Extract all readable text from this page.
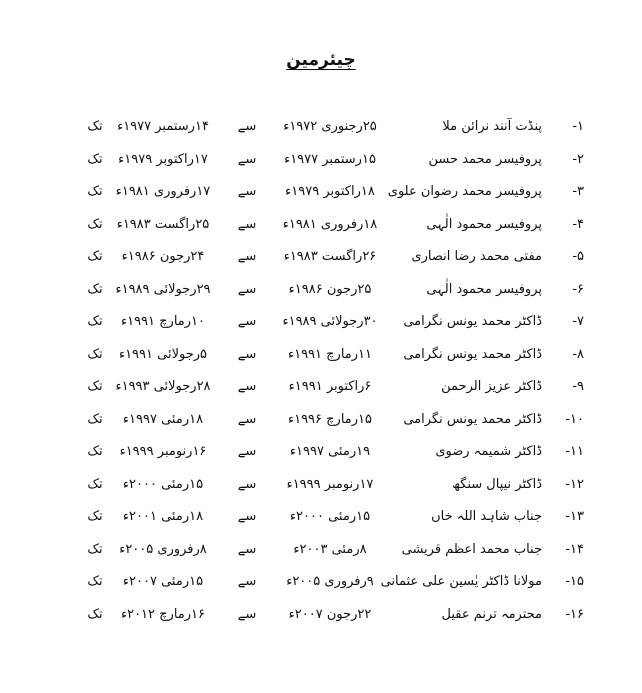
چیئرمین
۱-
پنڈت آنند نرائن ملا
۲۵رجنوری ۱۹۷۲ء
سے
۱۴رستمبر ۱۹۷۷ء
تک
۲-
پروفیسر محمد حسن
۱۵رستمبر ۱۹۷۷ء
سے
۱۷راکتوبر ۱۹۷۹ء
تک
۳-
پروفیسر محمد رضوان علوی
۱۸راکتوبر ۱۹۷۹ء
سے
۱۷رفروری ۱۹۸۱ء
تک
۴-
پروفیسر محمود الٰہی
۱۸رفروری ۱۹۸۱ء
سے
۲۵راگست ۱۹۸۳ء
تک
۵-
مفتی محمد رضا انصاری
۲۶راگست ۱۹۸۳ء
سے
۲۴رجون ۱۹۸۶ء
تک
۶-
پروفیسر محمود الٰہی
۲۵رجون ۱۹۸۶ء
سے
۲۹رجولائی ۱۹۸۹ء
تک
۷-
ڈاکٹر محمد یونس نگرامی
۳۰رجولائی ۱۹۸۹ء
سے
۱۰رمارچ ۱۹۹۱ء
تک
۸-
ڈاکٹر محمد یونس نگرامی
۱۱رمارچ ۱۹۹۱ء
سے
۵رجولائی ۱۹۹۱ء
تک
۹-
ڈاکٹر عزیز الرحمن
۶راکتوبر ۱۹۹۱ء
سے
۲۸رجولائی ۱۹۹۳ء
تک
۱۰-
ڈاکٹر محمد یونس نگرامی
۱۵رمارچ ۱۹۹۶ء
سے
۱۸رمئی ۱۹۹۷ء
تک
۱۱-
ڈاکٹر شمیمہ رضوی
۱۹رمئی ۱۹۹۷ء
سے
۱۶رنومبر ۱۹۹۹ء
تک
۱۲-
ڈاکٹر نیپال سنگھ
۱۷رنومبر ۱۹۹۹ء
سے
۱۵رمئی ۲۰۰۰ء
تک
۱۳-
جناب شاہد اللہ خاں
۱۵رمئی ۲۰۰۰ء
سے
۱۸رمئی ۲۰۰۱ء
تک
۱۴-
جناب محمد اعظم قریشی
۸رمئی ۲۰۰۳ء
سے
۸رفروری ۲۰۰۵ء
تک
۱۵-
مولانا ڈاکٹر یٰسین علی عثمانی
۹رفروری ۲۰۰۵ء
سے
۱۵رمئی ۲۰۰۷ء
تک
۱۶-
محترمہ ترنم عقیل
۲۲رجون ۲۰۰۷ء
سے
۱۶رمارچ ۲۰۱۲ء
تک
